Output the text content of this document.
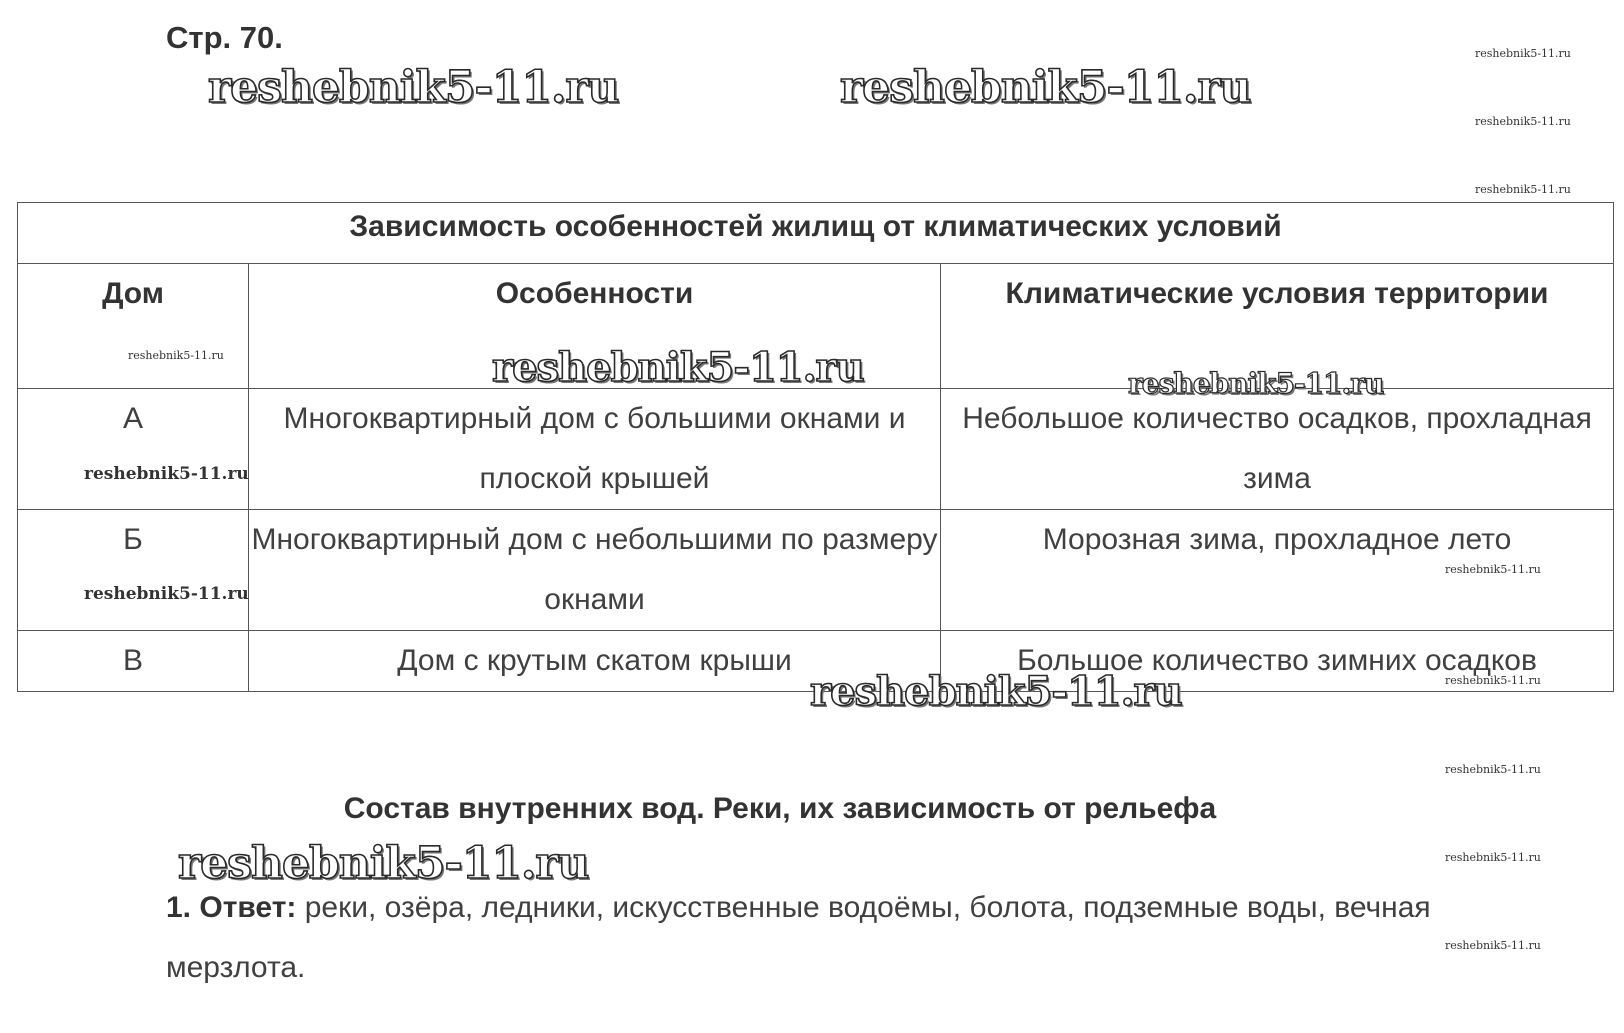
Стр. 70.
reshebnik5-11.ru	reshebnik5-11.ru
reshebnik5-11.ru
reshebnik5-11.ru
reshebnik5-11.ru
Зависимость особенностей жилищ от климатических условий		
Дом	Особенности	Климатические условия территории
А	Многоквартирный дом с большими окнами и плоской крышей	Небольшое количество осадков, прохладная зима
Б	Многоквартирный дом с небольшими по размеру окнами	Морозная зима, прохладное лето
В	Дом с крутым скатом крыши	Большое количество зимних осадков
reshebnik5-11.ru	reshebnik5-11.ru	reshebnik5-11.ru
reshebnik5-11.ru
reshebnik5-11.ru
reshebnik5-11.ru
reshebnik5-11.ru
reshebnik5-11.ru
reshebnik5-11.ru
Состав внутренних вод. Реки, их зависимость от рельефа
reshebnik5-11.ru	reshebnik5-11.ru
1. Ответ: реки, озёра, ледники, искусственные водоёмы, болота, подземные воды, вечная мерзлота.
reshebnik5-11.ru
